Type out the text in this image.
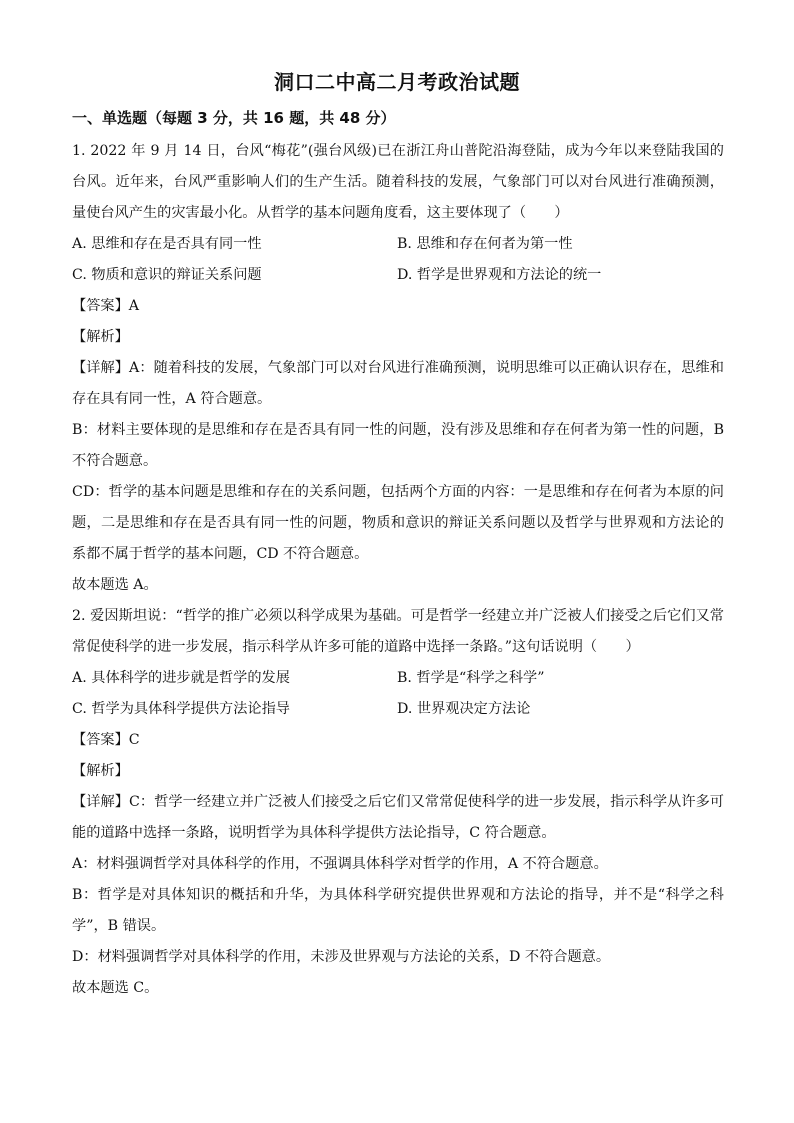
洞口二中高二月考政治试题
一、单选题（每题 3 分，共 16 题，共 48 分）
1. 2022 年 9 月 14 日，台风“梅花”(强台风级)已在浙江舟山普陀沿海登陆，成为今年以来登陆我国的
台风。近年来，台风严重影响人们的生产生活。随着科技的发展，气象部门可以对台风进行准确预测，
量使台风产生的灾害最小化。从哲学的基本问题角度看，这主要体现了（　　）
A. 思维和存在是否具有同一性	B. 思维和存在何者为第一性
C. 物质和意识的辩证关系问题	D. 哲学是世界观和方法论的统一
【答案】A
【解析】
【详解】A：随着科技的发展，气象部门可以对台风进行准确预测，说明思维可以正确认识存在，思维和
存在具有同一性，A 符合题意。
B：材料主要体现的是思维和存在是否具有同一性的问题，没有涉及思维和存在何者为第一性的问题，B
不符合题意。
CD：哲学的基本问题是思维和存在的关系问题，包括两个方面的内容：一是思维和存在何者为本原的问
题，二是思维和存在是否具有同一性的问题，物质和意识的辩证关系问题以及哲学与世界观和方法论的
系都不属于哲学的基本问题，CD 不符合题意。
故本题选 A。
2. 爱因斯坦说：“哲学的推广必须以科学成果为基础。可是哲学一经建立并广泛被人们接受之后它们又常
常促使科学的进一步发展，指示科学从许多可能的道路中选择一条路。”这句话说明（　　）
A. 具体科学的进步就是哲学的发展	B. 哲学是“科学之科学”
C. 哲学为具体科学提供方法论指导	D. 世界观决定方法论
【答案】C
【解析】
【详解】C：哲学一经建立并广泛被人们接受之后它们又常常促使科学的进一步发展，指示科学从许多可
能的道路中选择一条路，说明哲学为具体科学提供方法论指导，C 符合题意。
A：材料强调哲学对具体科学的作用，不强调具体科学对哲学的作用，A 不符合题意。
B：哲学是对具体知识的概括和升华，为具体科学研究提供世界观和方法论的指导，并不是“科学之科
学”，B 错误。
D：材料强调哲学对具体科学的作用，未涉及世界观与方法论的关系，D 不符合题意。
故本题选 C。
